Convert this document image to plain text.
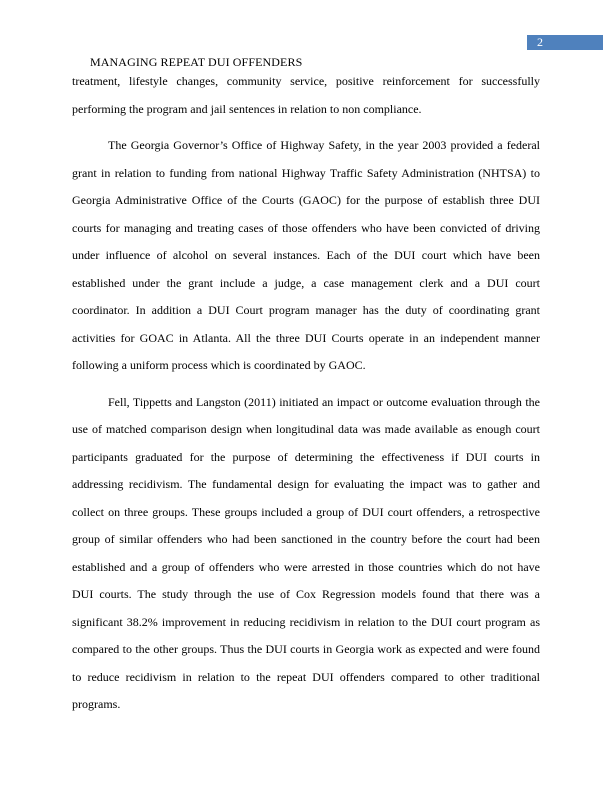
2
MANAGING REPEAT DUI OFFENDERS

treatment, lifestyle changes, community service, positive reinforcement for successfully performing the program and jail sentences in relation to non compliance.

The Georgia Governor’s Office of Highway Safety, in the year 2003 provided a federal grant in relation to funding from national Highway Traffic Safety Administration (NHTSA) to Georgia Administrative Office of the Courts (GAOC) for the purpose of establish three DUI courts for managing and treating cases of those offenders who have been convicted of driving under influence of alcohol on several instances. Each of the DUI court which have been established under the grant include a judge, a case management clerk and a DUI court coordinator. In addition a DUI Court program manager has the duty of coordinating grant activities for GOAC in Atlanta. All the three DUI Courts operate in an independent manner following a uniform process which is coordinated by GAOC.

Fell, Tippetts and Langston (2011) initiated an impact or outcome evaluation through the use of matched comparison design when longitudinal data was made available as enough court participants graduated for the purpose of determining the effectiveness if DUI courts in addressing recidivism. The fundamental design for evaluating the impact was to gather and collect on three groups. These groups included a group of DUI court offenders, a retrospective group of similar offenders who had been sanctioned in the country before the court had been established and a group of offenders who were arrested in those countries which do not have DUI courts. The study through the use of Cox Regression models found that there was a significant 38.2% improvement in reducing recidivism in relation to the DUI court program as compared to the other groups. Thus the DUI courts in Georgia work as expected and were found to reduce recidivism in relation to the repeat DUI offenders compared to other traditional programs.
